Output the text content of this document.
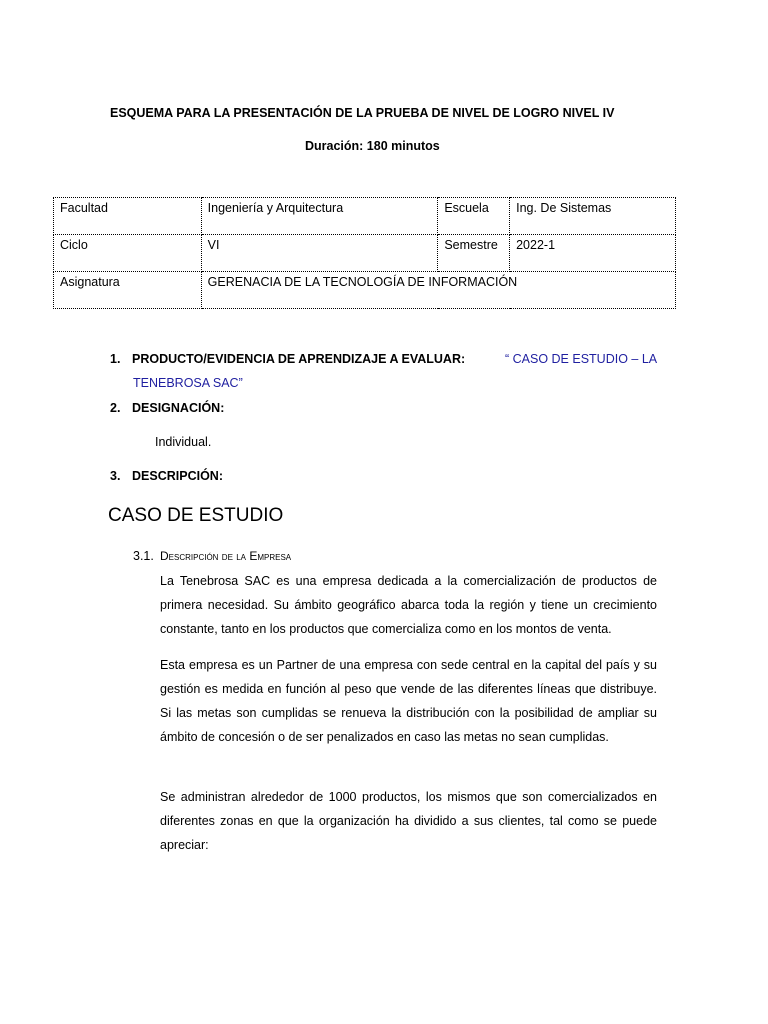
ESQUEMA PARA LA PRESENTACIÓN DE LA PRUEBA DE NIVEL DE LOGRO NIVEL IV
Duración: 180 minutos
Facultad	Ingeniería y Arquitectura	Escuela	Ing. De Sistemas
Ciclo	VI	Semestre	2022-1
Asignatura	GERENACIA DE LA TECNOLOGÍA DE INFORMACIÓN		
1. PRODUCTO/EVIDENCIA DE APRENDIZAJE A EVALUAR:	“ CASO DE ESTUDIO – LA
TENEBROSA SAC”
2. DESIGNACIÓN:
Individual.
3. DESCRIPCIÓN:
CASO DE ESTUDIO
3.1. Descripción de la Empresa

La Tenebrosa SAC es una empresa dedicada a la comercialización de productos de primera necesidad. Su ámbito geográfico abarca toda la región y tiene un crecimiento constante, tanto en los productos que comercializa como en los montos de venta.

Esta empresa es un Partner de una empresa con sede central en la capital del país y su gestión es medida en función al peso que vende de las diferentes líneas que distribuye. Si las metas son cumplidas se renueva la distribución con la posibilidad de ampliar su ámbito de concesión o de ser penalizados en caso las metas no sean cumplidas.

Se administran alrededor de 1000 productos, los mismos que son comercializados en diferentes zonas en que la organización ha dividido a sus clientes, tal como se puede apreciar:
